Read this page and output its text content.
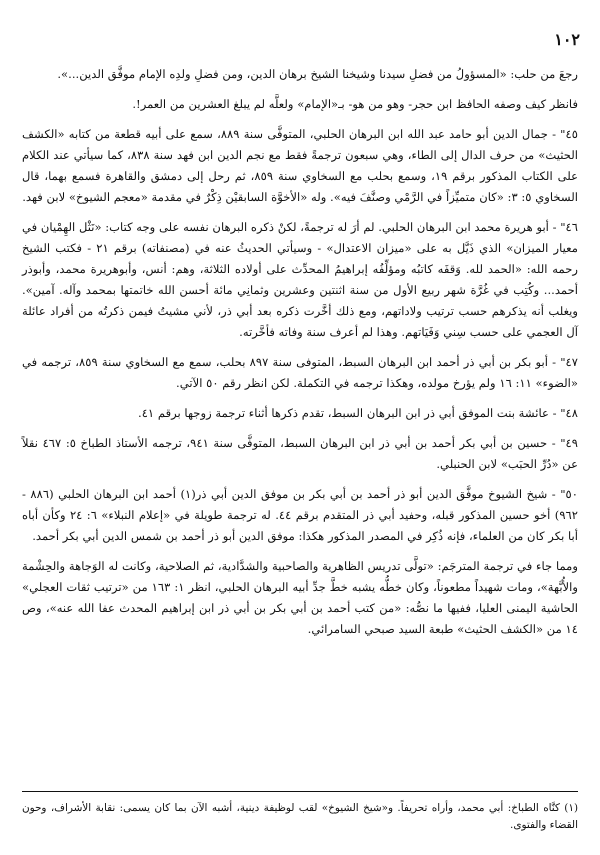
١٠٢

رجعَ من حلب: «المسؤولُ من فضلِ سيدنا وشيخنا الشيخ برهان الدين، ومن فضلِ ولدِه الإمام موفَّق الدين...».

فانظر كيف وصفه الحافظ ابن حجر- وهو من هو- بـ«الإمام» ولعلَّه لم يبلغ العشرين من العمر!.

٤٥" - جمال الدين أبو حامد عبد الله ابن البرهان الحلبي، المتوفَّى سنة ٨٨٩، سمع على أبيه قطعة من كتابه «الكشف الحثيث» من حرف الدال إلى الطاء، وهي سبعون ترجمةً فقط مع نجم الدين ابن فهد سنة ٨٣٨، كما سيأتي عند الكلام على الكتاب المذكور برقم ١٩، وسمع بحلب مع السخاوي سنة ٨٥٩، ثم رحل إلى دمشق والقاهرة فسمع بهما، قال السخاوي ٥: ٣: «كان متميِّزاً في الرَّمْي وصنَّفَ فيه». وله «الأخوَّة السابقيْن ذِكْرٌ في مقدمة «معجم الشيوخ» لابن فهد.

٤٦" - أبو هريرة محمد ابن البرهان الحلبي. لم أرَ له ترجمةً، لكنْ ذكره البرهان نفسه على وجه كتاب: «نَثْل الهِمْيان في معيار الميزان» الذي ذَيَّل به على «ميزان الاعتدال» - وسيأتي الحديثُ عنه في (مصنفاته) برقم ٢١ - فكتب الشيخ رحمه الله: «الحمد لله. وَقفَه كاتبُه ومؤلِّفُه إبراهيمُ المحدِّث على أولاده الثلاثة، وهم: أنس، وأبوهريرة محمد، وأبوذر أحمد... وكُتِب في غُرَّة شهر ربيع الأول من سنة اثنتين وعشرين وثمانِي مائة أحسن الله خاتمتها بمحمد وآله. آمين». ويغلب أنه يذكرهم حسب ترتيب ولاداتهم، ومع ذلك أخَّرت ذكره بعد أبي ذر، لأني مشيتُ فيمن ذكرتُه من أفراد عائلة آل العجمي على حسب سِني وَفَيَاتهم. وهذا لم أعرف سنة وفاته فأخَّرته.

٤٧" - أبو بكر بن أبي ذر أحمد ابن البرهان السبط، المتوفى سنة ٨٩٧ بحلب، سمع مع السخاوي سنة ٨٥٩، ترجمه في «الضوء» ١١: ١٦ ولم يؤرخ مولده، وهكذا ترجمه في التكملة. لكن انظر رقم ٥٠ الآتي.

٤٨" - عائشة بنت الموفق أبي ذر ابن البرهان السبط، تقدم ذكرها أثناء ترجمة زوجها برقم ٤١.

٤٩" - حسين بن أبي بكر أحمد بن أبي ذر ابن البرهان السبط، المتوفَّى سنة ٩٤١، ترجمه الأستاذ الطباخ ٥: ٤٦٧ نقلاً عن «دُرِّ الحبَب» لابن الحنبلي.

٥٠" - شيخ الشيوخ موفَّق الدين أبو ذر أحمد بن أبي بكر بن موفق الدين أبي ذر(١) أحمد ابن البرهان الحلبي (٨٨٦ - ٩٦٢) أخو حسين المذكور قبله، وحفيد أبي ذر المتقدم برقم ٤٤. له ترجمة طويلة في «إعلام النبلاء» ٦: ٢٤ وكأن أباه أبا بكر كان من العلماء، فإنه ذُكِر في المصدر المذكور هكذا: موفق الدين أبو ذر أحمد بن شمس الدين أبي بكر أحمد.

ومما جاء في ترجمة المترجَم: «تولَّى تدريس الظاهرية والصاحبية والشدَّادية، ثم الصلاحية، وكانت له الوَجاهة والحِشْمة والأُبَّهة»، ومات شهيداً مطعوناً، وكان خطُّه يشبه خطَّ جدِّ أبيه البرهان الحلبي، انظر ١: ١٦٣ من «ترتيب ثقات العجلي» الحاشية اليمنى العليا، ففيها ما نصُّه: «من كتب أحمد بن أبي بكر بن أبي ذر ابن إبراهيم المحدث عفا الله عنه»، وص ١٤ من «الكشف الحثيث» طبعة السيد صبحي السامرائي.

(١) كنَّاه الطباخ: أبي محمد، وأراه تحريفاً. و«شيخ الشيوخ» لقب لوظيفة دينية، أشبه الآن بما كان يسمى: نقابة الأشراف، وحون القضاء والفتوى.
